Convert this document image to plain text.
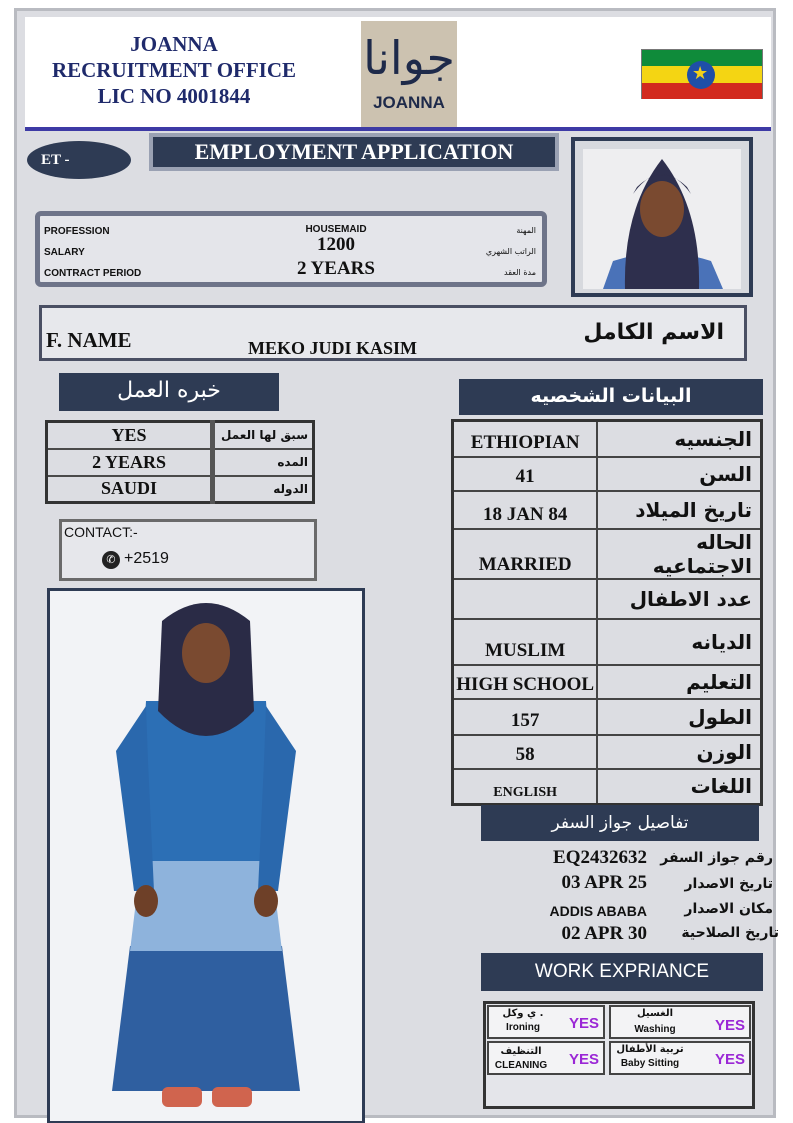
JOANNA
RECRUITMENT OFFICE
LIC NO 4001844
جوانا
JOANNA
★
ET -	EMPLOYMENT APPLICATION
PROFESSION	HOUSEMAID	المهنة
SALARY	1200	الراتب الشهري
CONTRACT PERIOD	2 YEARS	مدة العقد
F. NAME	MEKO JUDI KASIM
الاسم الكامل
خبره العمل
YES	سبق لها العمل
2 YEARS	المده
SAUDI	الدوله
CONTACT:-
✆ +2519
البيانات الشخصيه
ETHIOPIAN	الجنسيه
41	السن
18 JAN 84	تاريخ الميلاد
MARRIED	الحاله الاجتماعيه
	عدد الاطفال
MUSLIM	الديانه
HIGH SCHOOL	التعليم
157	الطول
58	الوزن
ENGLISH	اللغات
تفاصيل جواز السفر
EQ2432632 رقم جواز السفر
03 APR 25	تاريخ الاصدار
ADDIS ABABA	مكان الاصدار
02 APR 30 تاريخ الصلاحية
WORK EXPRIANCE
ي وكل .
Ironing	YES
الغسيل
Washing	YES
التنظيف
CLEANING YES
تربية الأطفال
Baby Sitting	YES
